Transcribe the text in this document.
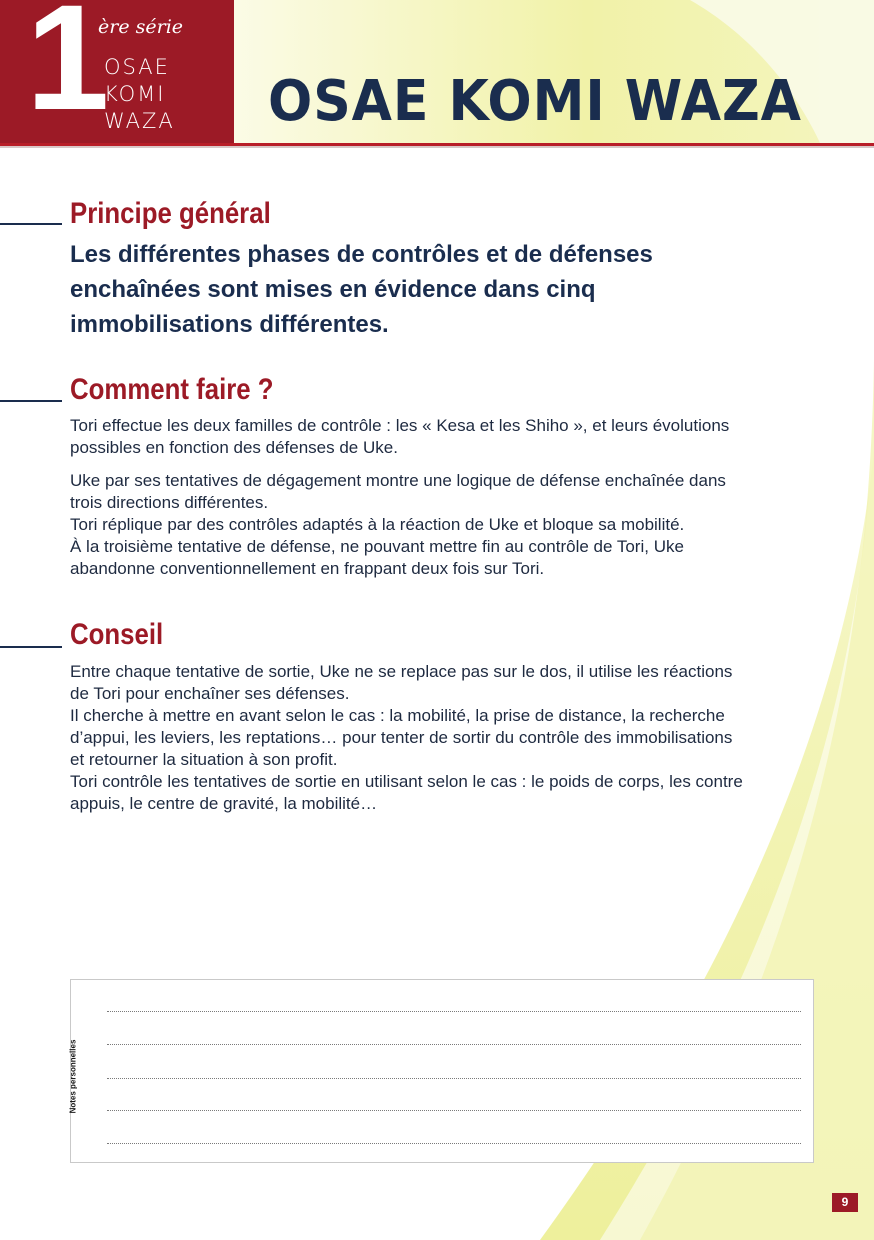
1
ère série
OSAE
KOMI
WAZA OSAE KOMI WAZA
Principe général
Les différentes phases de contrôles et de défenses
enchaînées sont mises en évidence dans cinq
immobilisations différentes.
Comment faire ?
Tori effectue les deux familles de contrôle : les « Kesa et les Shiho », et leurs évolutions
possibles en fonction des défenses de Uke.
Uke par ses tentatives de dégagement montre une logique de défense enchaînée dans
trois directions différentes.
Tori réplique par des contrôles adaptés à la réaction de Uke et bloque sa mobilité.
À la troisième tentative de défense, ne pouvant mettre fin au contrôle de Tori, Uke
abandonne conventionnellement en frappant deux fois sur Tori.
Conseil
Entre chaque tentative de sortie, Uke ne se replace pas sur le dos, il utilise les réactions
de Tori pour enchaîner ses défenses.
Il cherche à mettre en avant selon le cas : la mobilité, la prise de distance, la recherche
d’appui, les leviers, les reptations… pour tenter de sortir du contrôle des immobilisations
et retourner la situation à son profit.
Tori contrôle les tentatives de sortie en utilisant selon le cas : le poids de corps, les contre
appuis, le centre de gravité, la mobilité…
Notes personnelles
9
